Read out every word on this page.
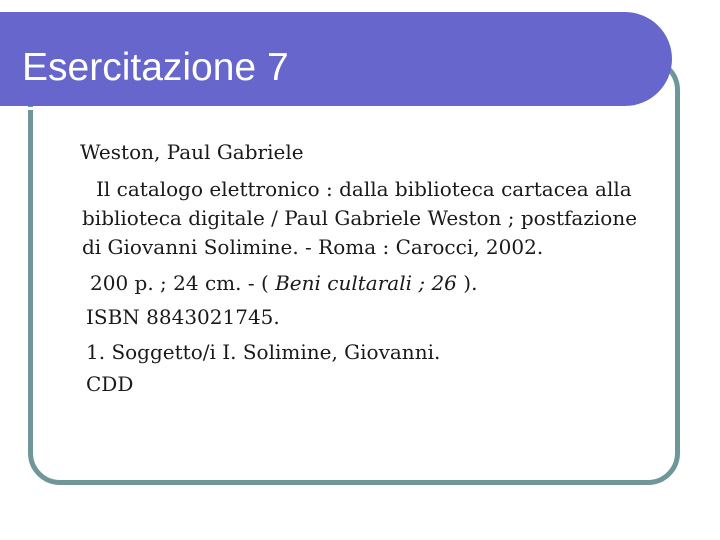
Esercitazione 7
Weston, Paul Gabriele
Il catalogo elettronico : dalla biblioteca cartacea alla
biblioteca digitale / Paul Gabriele Weston ; postfazione
di Giovanni Solimine. - Roma : Carocci, 2002.
200 p. ; 24 cm. - ( Beni cultarali ; 26 ).
ISBN 8843021745.
1. Soggetto/i I. Solimine, Giovanni.
CDD
